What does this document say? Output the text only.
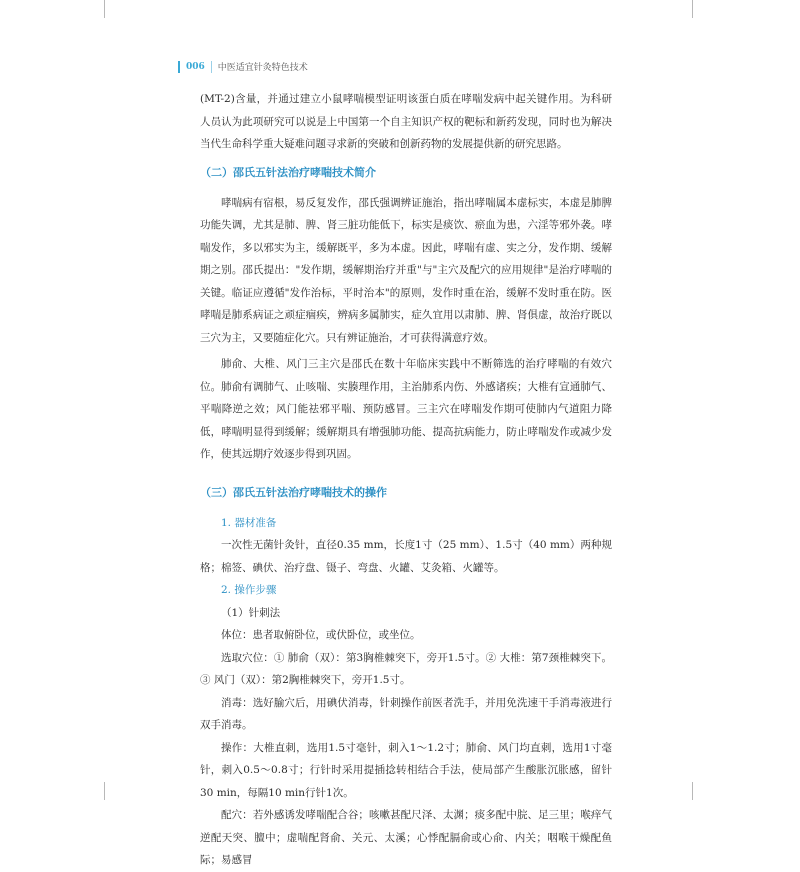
006 中医适宜针灸特色技术

(MT-2)含量，并通过建立小鼠哮喘模型证明该蛋白质在哮喘发病中起关键作用。为科研人员认为此项研究可以说是上中国第一个自主知识产权的靶标和新药发现，同时也为解决当代生命科学重大疑难问题寻求新的突破和创新药物的发展提供新的研究思路。

（二）邵氏五针法治疗哮喘技术简介

哮喘病有宿根，易反复发作，邵氏强调辨证施治，指出哮喘属本虚标实，本虚是肺脾功能失调，尤其是肺、脾、肾三脏功能低下，标实是痰饮、瘀血为患，六淫等邪外袭。哮喘发作，多以邪实为主，缓解既平，多为本虚。因此，哮喘有虚、实之分，发作期、缓解期之别。邵氏提出："发作期，缓解期治疗并重"与"主穴及配穴的应用规律"是治疗哮喘的关键。临证应遵循"发作治标，平时治本"的原则，发作时重在治，缓解不发时重在防。医哮喘是肺系病证之顽症痼疾，辨病多属肺实，症久宜用以肃肺、脾、肾俱虚，故治疗既以三穴为主，又要随症化穴。只有辨证施治，才可获得满意疗效。

肺俞、大椎、风门三主穴是邵氏在数十年临床实践中不断筛选的治疗哮喘的有效穴位。肺俞有调肺气、止咳喘、实腠理作用，主治肺系内伤、外感诸疾；大椎有宣通肺气、平喘降逆之效；风门能祛邪平喘、预防感冒。三主穴在哮喘发作期可使肺内气道阻力降低，哮喘明显得到缓解；缓解期具有增强肺功能、提高抗病能力，防止哮喘发作或减少发作，使其远期疗效逐步得到巩固。

（三）邵氏五针法治疗哮喘技术的操作

1. 器材准备

一次性无菌针灸针，直径0.35 mm，长度1寸（25 mm）、1.5寸（40 mm）两种规格；棉签、碘伏、治疗盘、镊子、弯盘、火罐、艾灸箱、火罐等。

2. 操作步骤

（1）针刺法

体位：患者取俯卧位，或伏卧位，或坐位。

选取穴位：① 肺俞（双）：第3胸椎棘突下，旁开1.5寸。② 大椎：第7颈椎棘突下。③ 风门（双）：第2胸椎棘突下，旁开1.5寸。

消毒：选好腧穴后，用碘伏消毒，针刺操作前医者洗手，并用免洗速干手消毒液进行双手消毒。

操作：大椎直刺，选用1.5寸毫针，刺入1～1.2寸；肺俞、风门均直刺，选用1寸毫针，刺入0.5～0.8寸；行针时采用提插捻转相结合手法，使局部产生酸胀沉胀感，留针30 min，每隔10 min行针1次。

配穴：若外感诱发哮喘配合谷；咳嗽甚配尺泽、太渊；痰多配中脘、足三里；喉痒气逆配天突、膻中；虚喘配肾俞、关元、太溪；心悸配膈俞或心俞、内关；咽喉干燥配鱼际；易感冒
